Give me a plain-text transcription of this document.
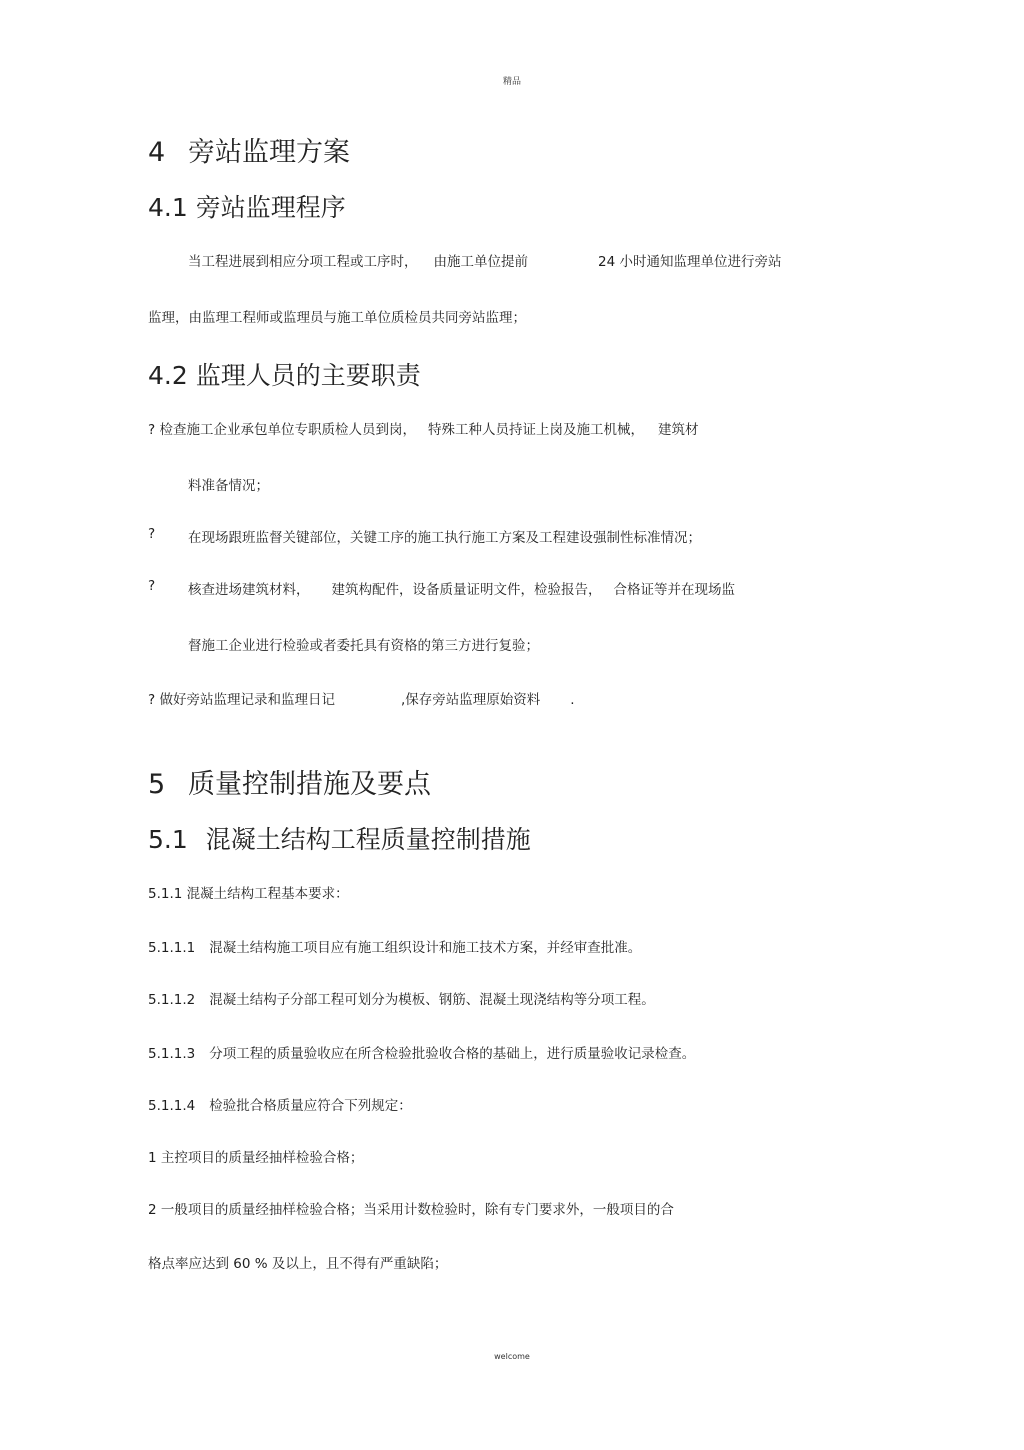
精品
4 旁站监理方案
4.1 旁站监理程序
当工程进展到相应分项工程或工序时， 由施工单位提前	24 小时通知监理单位进行旁站
监理，由监理工程师或监理员与施工单位质检员共同旁站监理；
4.2 监理人员的主要职责
? 检查施工企业承包单位专职质检人员到岗， 特殊工种人员持证上岗及施工机械， 建筑材
料准备情况；
? 在现场跟班监督关键部位，关键工序的施工执行施工方案及工程建设强制性标准情况；
? 核查进场建筑材料， 建筑构配件，设备质量证明文件，检验报告， 合格证等并在现场监
督施工企业进行检验或者委托具有资格的第三方进行复验；
? 做好旁站监理记录和监理日记	,保存旁站监理原始资料 .
5 质量控制措施及要点
5.1 混凝土结构工程质量控制措施
5.1.1 混凝土结构工程基本要求：
5.1.1.1 混凝土结构施工项目应有施工组织设计和施工技术方案，并经审查批准。
5.1.1.2 混凝土结构子分部工程可划分为模板、钢筋、混凝土现浇结构等分项工程。
5.1.1.3 分项工程的质量验收应在所含检验批验收合格的基础上，进行质量验收记录检查。
5.1.1.4 检验批合格质量应符合下列规定：
1 主控项目的质量经抽样检验合格；
2 一般项目的质量经抽样检验合格；当采用计数检验时，除有专门要求外，一般项目的合
格点率应达到 60 % 及以上，且不得有严重缺陷；
welcome
